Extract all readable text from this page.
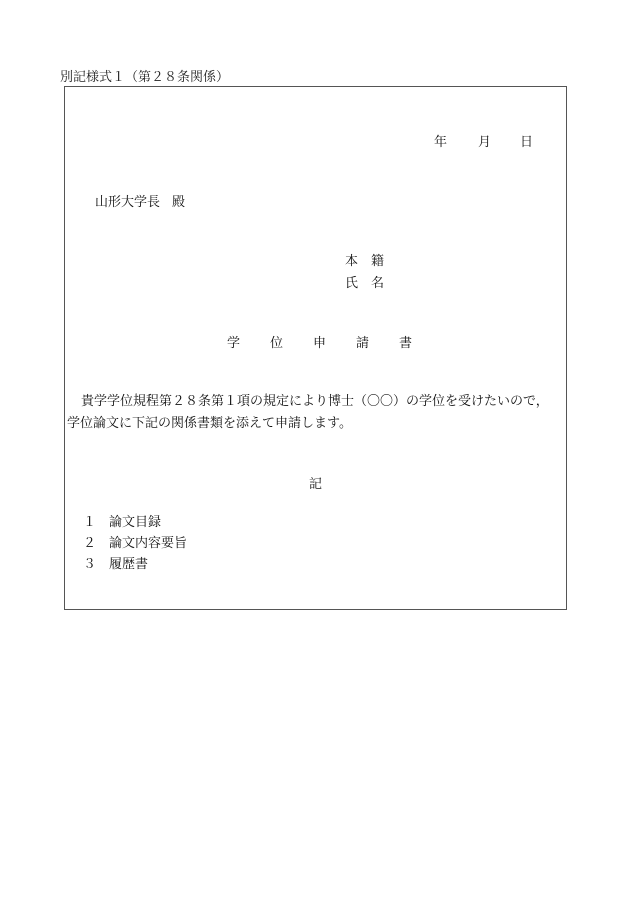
別記様式１（第２８条関係）
年	月	日
山形大学長 殿
本　籍
氏　名
学位申請書
貴学学位規程第２８条第１項の規定により博士（〇〇）の学位を受けたいので，学位論文に下記の関係書類を添えて申請します。
記
１ 論文目録
２ 論文内容要旨
３ 履歴書
